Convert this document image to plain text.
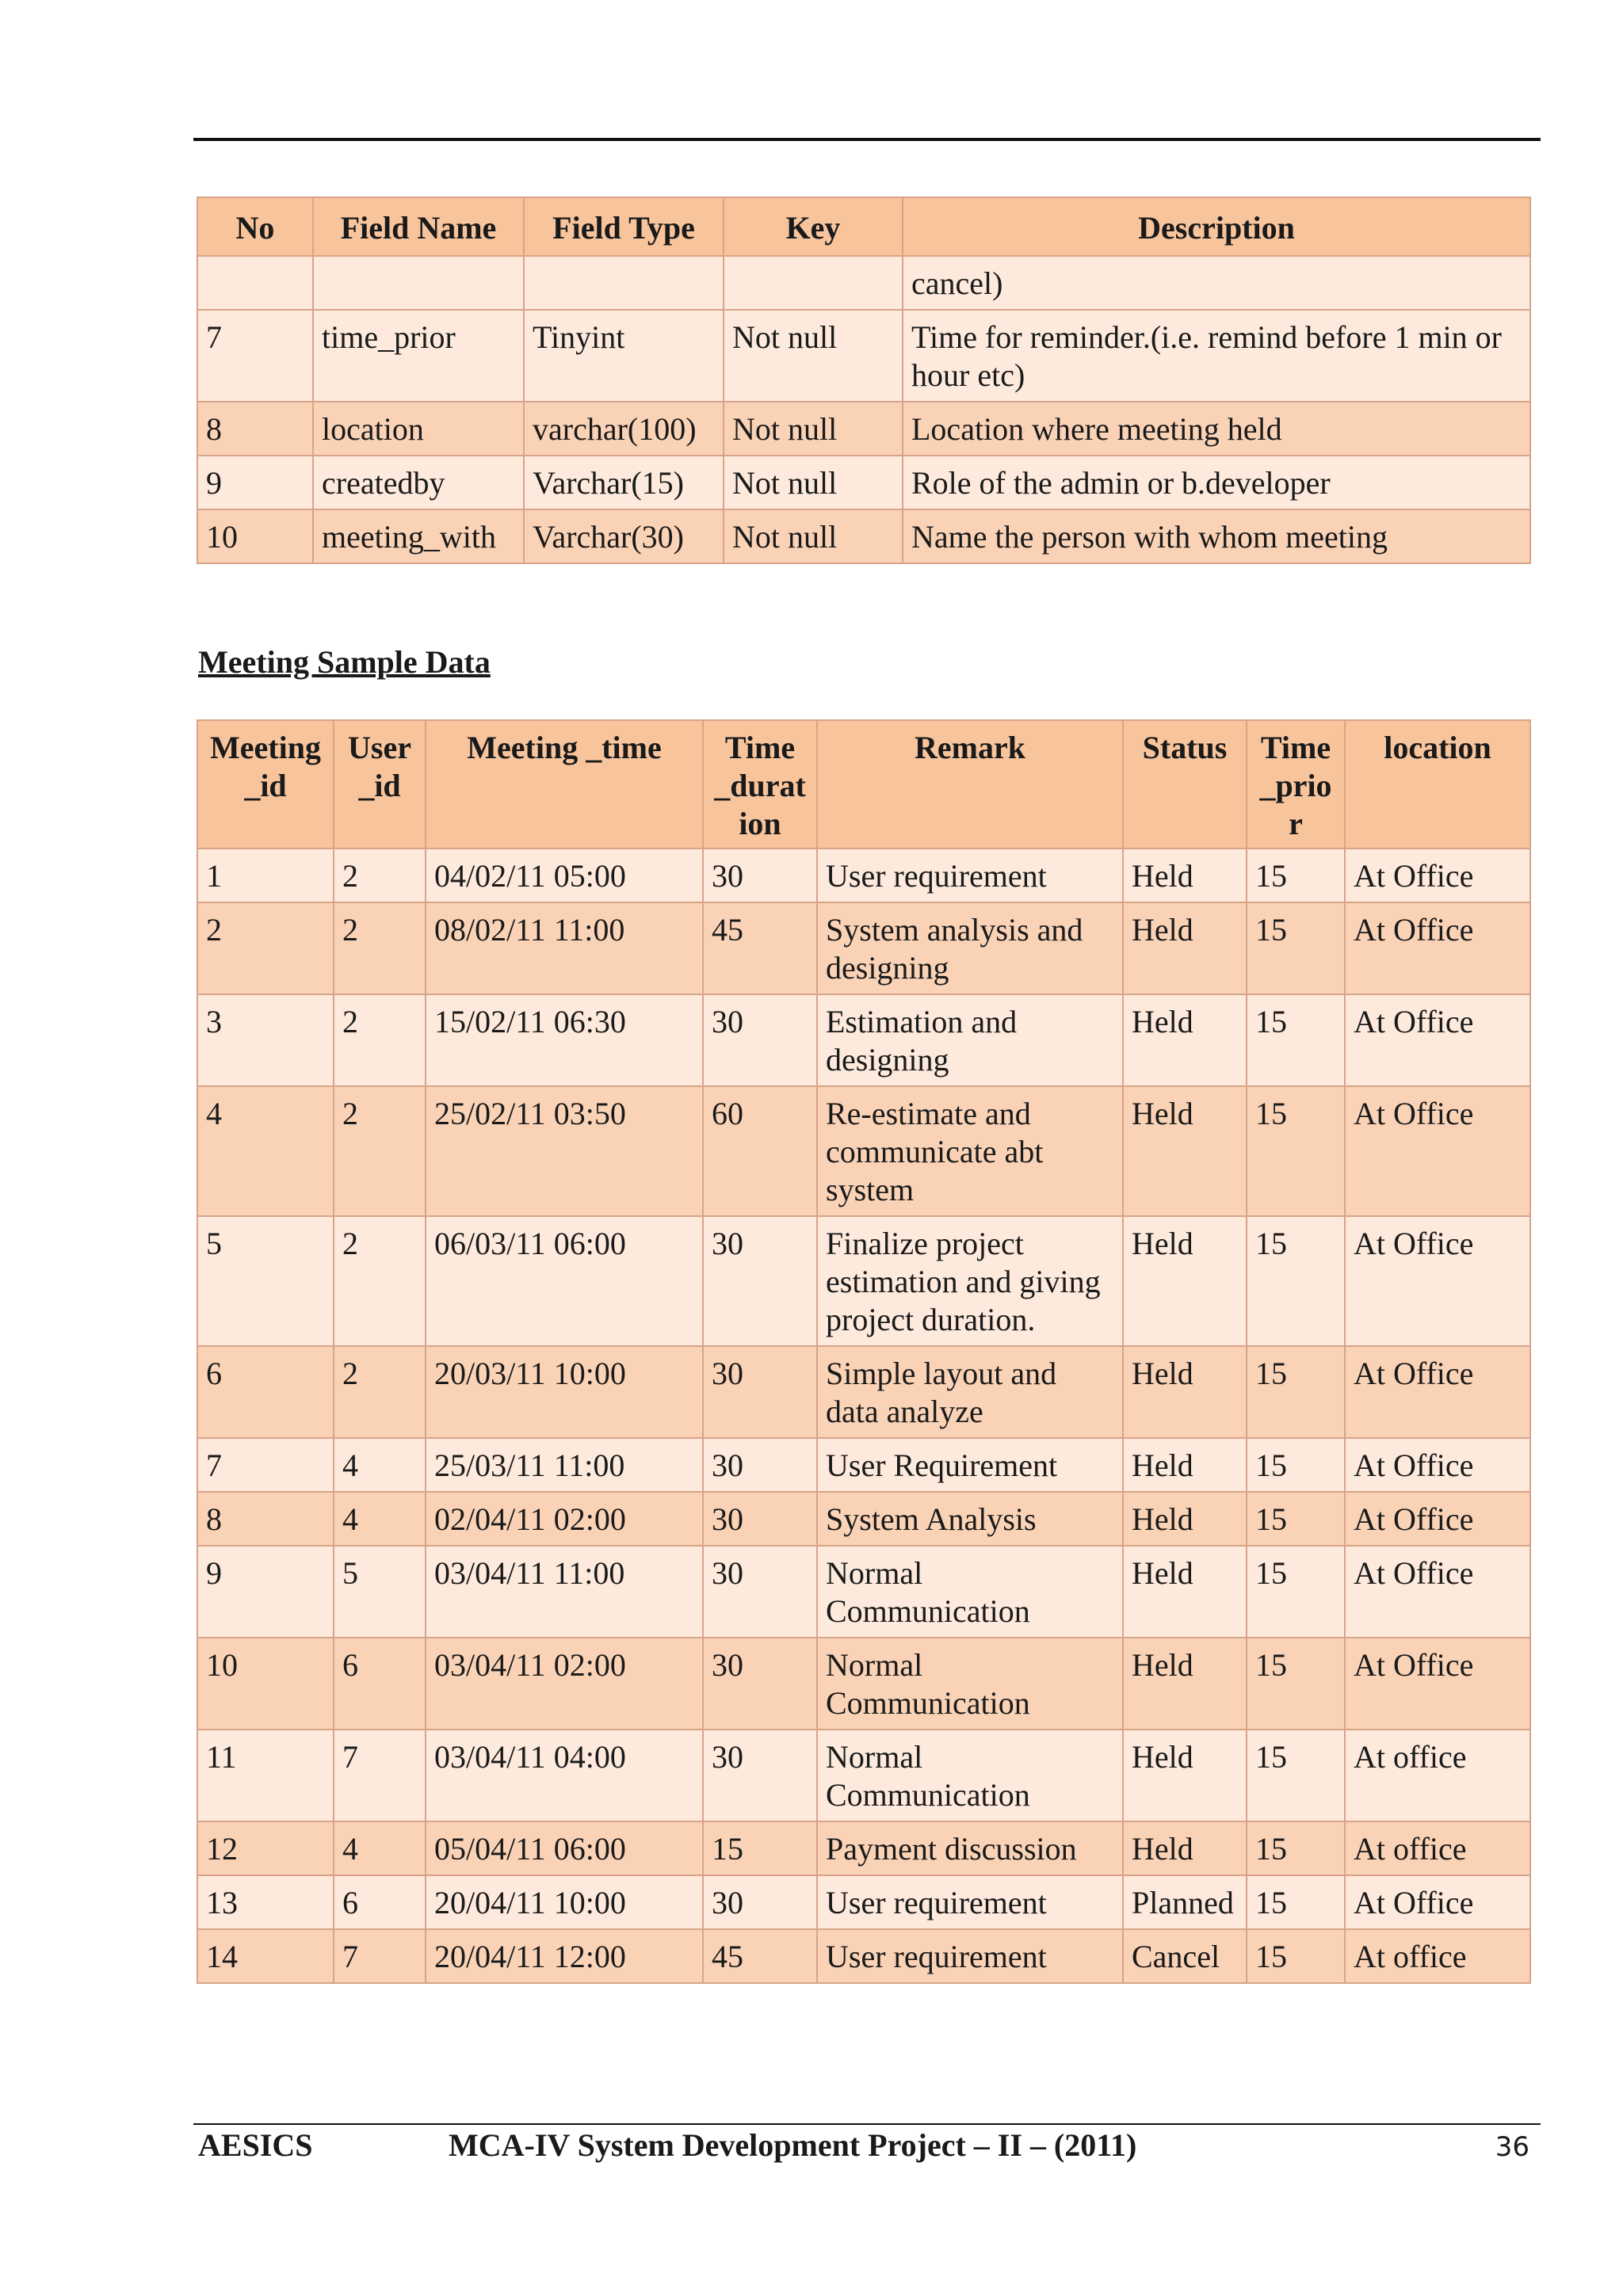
No	Field Name	Field Type	Key	Description
				cancel)
7	time_prior	Tinyint	Not null	Time for reminder.(i.e. remind before 1 min or hour etc)
8	location	varchar(100)	Not null	Location where meeting held
9	createdby	Varchar(15)	Not null	Role of the admin or b.developer
10	meeting_with	Varchar(30)	Not null	Name the person with whom meeting
Meeting Sample Data
Meeting _id	User _id	Meeting _time	Time _durat ion	Remark	Status	Time _prio r	location
1	2	04/02/11 05:00	30	User requirement	Held	15	At Office
2	2	08/02/11 11:00	45	System analysis and designing	Held	15	At Office
3	2	15/02/11 06:30	30	Estimation and designing	Held	15	At Office
4	2	25/02/11 03:50	60	Re-estimate and communicate abt system	Held	15	At Office
5	2	06/03/11 06:00	30	Finalize project estimation and giving project duration.	Held	15	At Office
6	2	20/03/11 10:00	30	Simple layout and data analyze	Held	15	At Office
7	4	25/03/11 11:00	30	User Requirement	Held	15	At Office
8	4	02/04/11 02:00	30	System Analysis	Held	15	At Office
9	5	03/04/11 11:00	30	Normal Communication	Held	15	At Office
10	6	03/04/11 02:00	30	Normal Communication	Held	15	At Office
11	7	03/04/11 04:00	30	Normal Communication	Held	15	At office
12	4	05/04/11 06:00	15	Payment discussion	Held	15	At office
13	6	20/04/11 10:00	30	User requirement	Planned	15	At Office
14	7	20/04/11 12:00	45	User requirement	Cancel	15	At office
AESICS	MCA-IV System Development Project – II – (2011)	36
